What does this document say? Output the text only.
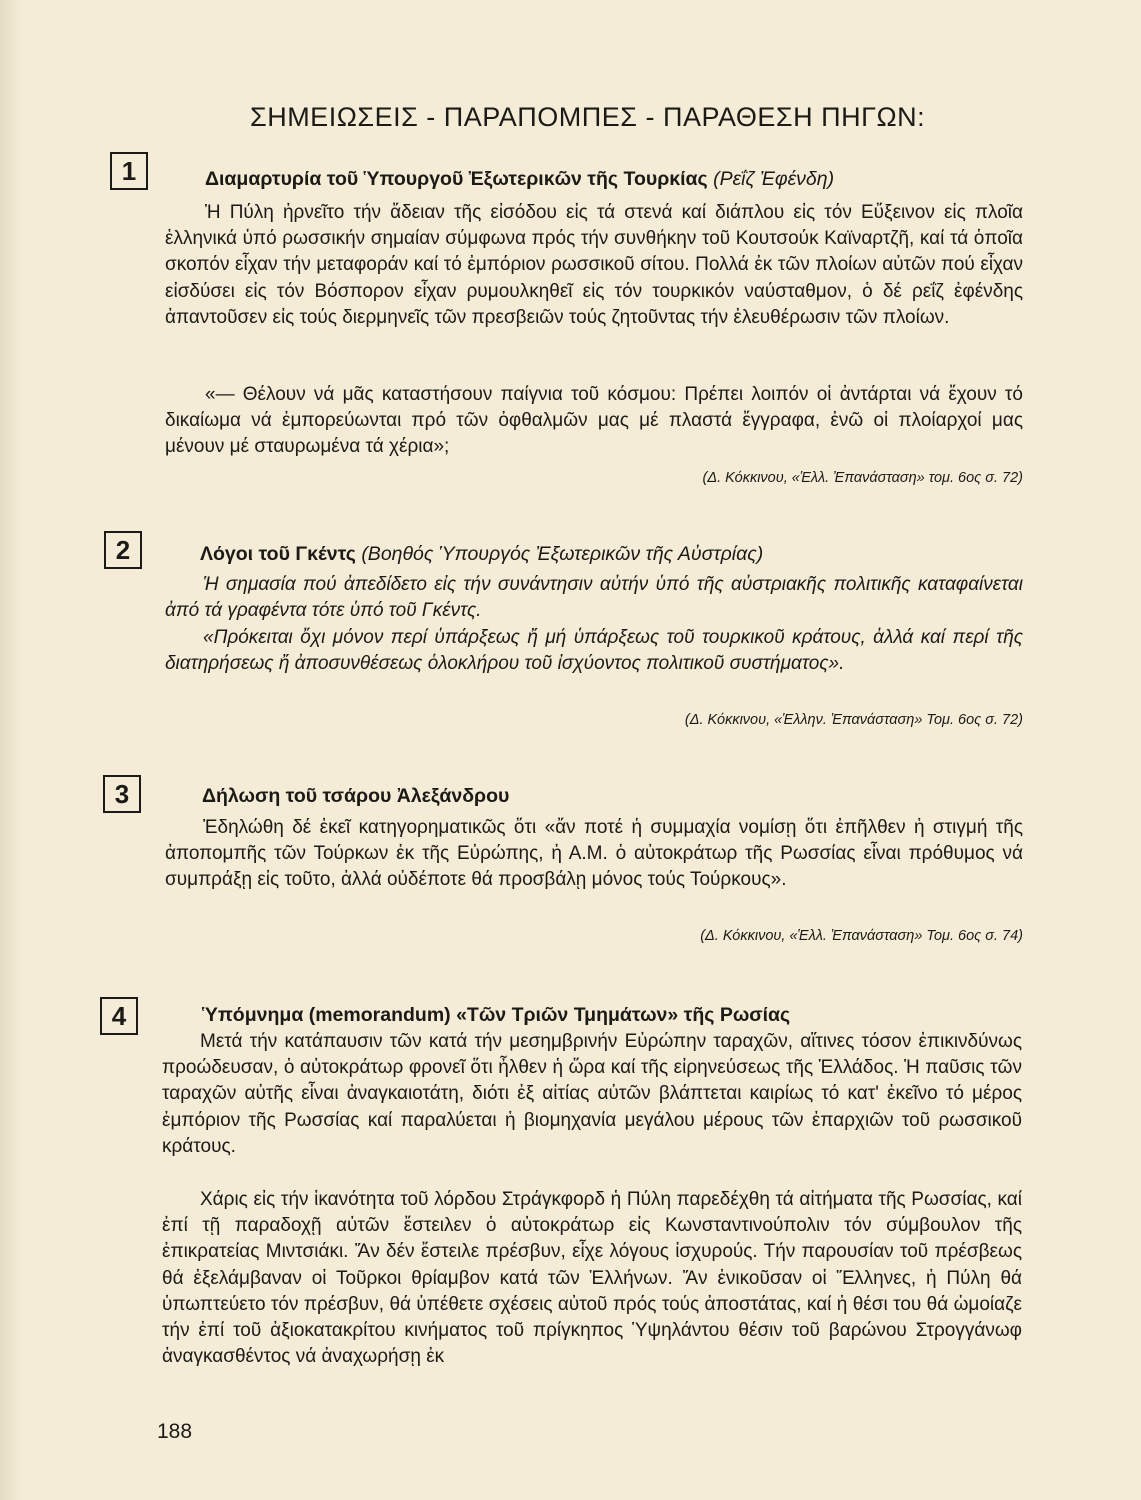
ΣΗΜΕΙΩΣΕΙΣ - ΠΑΡΑΠΟΜΠΕΣ - ΠΑΡΑΘΕΣΗ ΠΗΓΩΝ:
1	Διαμαρτυρία τοῦ Ὑπουργοῦ Ἐξωτερικῶν τῆς Τουρκίας (Ρεΐζ Ἐφένδη)
Ἡ Πύλη ἠρνεῖτο τήν ἄδειαν τῆς εἰσόδου εἰς τά στενά καί διάπλου εἰς τόν Εὔξεινον εἰς πλοῖα ἑλληνικά ὑπό ρωσσικήν σημαίαν σύμφωνα πρός τήν συνθήκην τοῦ Κουτσούκ Καϊναρτζῆ, καί τά ὁποῖα σκοπόν εἶχαν τήν μεταφοράν καί τό ἐμπόριον ρωσσικοῦ σίτου. Πολλά ἐκ τῶν πλοίων αὐτῶν πού εἶχαν εἰσδύσει εἰς τόν Βόσπορον εἶχαν ρυμουλκηθεῖ εἰς τόν τουρκικόν ναύσταθμον, ὁ δέ ρεΐζ ἐφένδης ἀπαντοῦσεν εἰς τούς διερμηνεῖς τῶν πρεσβειῶν τούς ζητοῦντας τήν ἐλευθέρωσιν τῶν πλοίων.
«— Θέλουν νά μᾶς καταστήσουν παίγνια τοῦ κόσμου: Πρέπει λοιπόν οἱ ἀντάρται νά ἔχουν τό δικαίωμα νά ἐμπορεύωνται πρό τῶν ὀφθαλμῶν μας μέ πλαστά ἔγγραφα, ἐνῶ οἱ πλοίαρχοί μας μένουν μέ σταυρωμένα τά χέρια»;
(Δ. Κόκκινου, «Ἑλλ. Ἐπανάσταση» τομ. 6ος σ. 72)
2	Λόγοι τοῦ Γκέντς (Βοηθός Ὑπουργός Ἐξωτερικῶν τῆς Αὐστρίας)
Ἡ σημασία πού ἀπεδίδετο εἰς τήν συνάντησιν αὐτήν ὑπό τῆς αὐστριακῆς πολιτικῆς καταφαίνεται ἀπό τά γραφέντα τότε ὑπό τοῦ Γκέντς.
«Πρόκειται ὄχι μόνον περί ὑπάρξεως ἤ μή ὑπάρξεως τοῦ τουρκικοῦ κράτους, ἀλλά καί περί τῆς διατηρήσεως ἤ ἀποσυνθέσεως ὁλοκλήρου τοῦ ἰσχύοντος πολιτικοῦ συστήματος».
(Δ. Κόκκινου, «Ἑλλην. Ἐπανάσταση» Τομ. 6ος σ. 72)
3	Δήλωση τοῦ τσάρου Ἀλεξάνδρου
Ἐδηλώθη δέ ἐκεῖ κατηγορηματικῶς ὅτι «ἄν ποτέ ἡ συμμαχία νομίσῃ ὅτι ἐπῆλθεν ἡ στιγμή τῆς ἀποπομπῆς τῶν Τούρκων ἐκ τῆς Εὐρώπης, ἡ Α.Μ. ὁ αὐτοκράτωρ τῆς Ρωσσίας εἶναι πρόθυμος νά συμπράξῃ εἰς τοῦτο, ἀλλά οὐδέποτε θά προσβάλῃ μόνος τούς Τούρκους».
(Δ. Κόκκινου, «Ἑλλ. Ἐπανάσταση» Τομ. 6ος σ. 74)
4	Ὑπόμνημα (memorandum) «Τῶν Τριῶν Τμημάτων» τῆς Ρωσίας
Μετά τήν κατάπαυσιν τῶν κατά τήν μεσημβρινήν Εὐρώπην ταραχῶν, αἵτινες τόσον ἐπικινδύνως προώδευσαν, ὁ αὐτοκράτωρ φρονεῖ ὅτι ἦλθεν ἡ ὥρα καί τῆς εἰρηνεύσεως τῆς Ἑλλάδος. Ἡ παῦσις τῶν ταραχῶν αὐτῆς εἶναι ἀναγκαιοτάτη, διότι ἐξ αἰτίας αὐτῶν βλάπτεται καιρίως τό κατ' ἐκεῖνο τό μέρος ἐμπόριον τῆς Ρωσσίας καί παραλύεται ἡ βιομηχανία μεγάλου μέρους τῶν ἐπαρχιῶν τοῦ ρωσσικοῦ κράτους.
Χάρις εἰς τήν ἱκανότητα τοῦ λόρδου Στράγκφορδ ἡ Πύλη παρεδέχθη τά αἰτήματα τῆς Ρωσσίας, καί ἐπί τῇ παραδοχῇ αὐτῶν ἔστειλεν ὁ αὐτοκράτωρ εἰς Κωνσταντινούπολιν τόν σύμβουλον τῆς ἐπικρατείας Μιντσιάκι. Ἄν δέν ἔστειλε πρέσβυν, εἶχε λόγους ἰσχυρούς. Τήν παρουσίαν τοῦ πρέσβεως θά ἐξελάμβαναν οἱ Τοῦρκοι θρίαμβον κατά τῶν Ἑλλήνων. Ἄν ἐνικοῦσαν οἱ Ἕλληνες, ἡ Πύλη θά ὑπωπτεύετο τόν πρέσβυν, θά ὑπέθετε σχέσεις αὐτοῦ πρός τούς ἀποστάτας, καί ἡ θέσι του θά ὡμοίαζε τήν ἐπί τοῦ ἀξιοκατακρίτου κινήματος τοῦ πρίγκηπος Ὑψηλάντου θέσιν τοῦ βαρώνου Στρογγάνωφ ἀναγκασθέντος νά ἀναχωρήσῃ ἐκ
188
